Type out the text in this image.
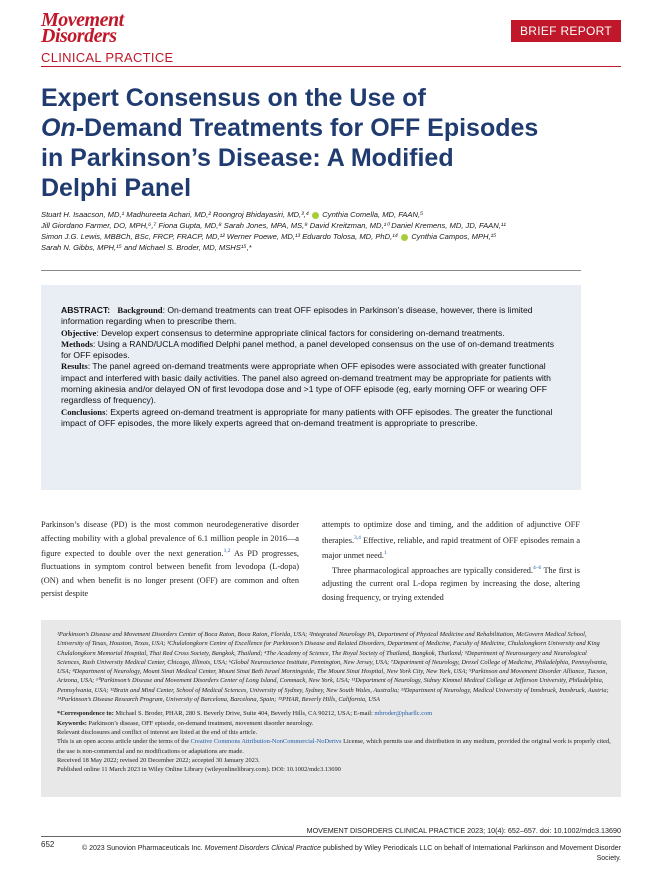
Movement
Disorders
CLINICAL PRACTICE
BRIEF REPORT
Expert Consensus on the Use of
On-Demand Treatments for OFF Episodes
in Parkinson’s Disease: A Modified
Delphi Panel
Stuart H. Isaacson, MD,¹ Madhureeta Achari, MD,² Roongroj Bhidayasiri, MD,³,⁴ Cynthia Comella, MD, FAAN,⁵
Jill Giordano Farmer, DO, MPH,⁶,⁷ Fiona Gupta, MD,⁸ Sarah Jones, MPA, MS,⁹ David Kreitzman, MD,¹⁰ Daniel Kremens, MD, JD, FAAN,¹¹
Simon J.G. Lewis, MBBCh, BSc, FRCP, FRACP, MD,¹² Werner Poewe, MD,¹³ Eduardo Tolosa, MD, PhD,¹⁴ Cynthia Campos, MPH,¹⁵
Sarah N. Gibbs, MPH,¹⁵ and Michael S. Broder, MD, MSHS¹⁵,*

ABSTRACT: Background: On-demand treatments can treat OFF episodes in Parkinson’s disease, however, there is limited information regarding when to prescribe them.

Objective: Develop expert consensus to determine appropriate clinical factors for considering on-demand treatments.

Methods: Using a RAND/UCLA modified Delphi panel method, a panel developed consensus on the use of on-demand treatments for OFF episodes.

Results: The panel agreed on-demand treatments were appropriate when OFF episodes were associated with greater functional impact and interfered with basic daily activities. The panel also agreed on-demand treatment may be appropriate for patients with morning akinesia and/or delayed ON of first levodopa dose and >1 type of OFF episode (eg, early morning OFF or wearing OFF regardless of frequency).

Conclusions: Experts agreed on-demand treatment is appropriate for many patients with OFF episodes. The greater the functional impact of OFF episodes, the more likely experts agreed that on-demand treatment is appropriate to prescribe.

Parkinson’s disease (PD) is the most common neurodegenerative disorder affecting mobility with a global prevalence of 6.1 million people in 2016—a figure expected to double over the next generation.$^{1,2}$ As PD progresses, fluctuations in symptom control between benefit from levodopa (L-dopa) (ON) and when benefit is no longer present (OFF) are common and often persist despite

attempts to optimize dose and timing, and the addition of adjunctive OFF therapies.$^{3,4}$ Effective, reliable, and rapid treatment of OFF episodes remain a major unmet need.$^1$

Three pharmacological approaches are typically considered.$^{4-6}$ The first is adjusting the current oral L-dopa regimen by increasing the dose, altering dosing frequency, or trying extended

¹Parkinson’s Disease and Movement Disorders Center of Boca Raton, Boca Raton, Florida, USA; ²Integrated Neurology PA, Department of Physical Medicine and Rehabilitation, McGovern Medical School, University of Texas, Houston, Texas, USA; ³Chulalongkorn Centre of Excellence for Parkinson’s Disease and Related Disorders, Department of Medicine, Faculty of Medicine, Chulalongkorn University and King Chulalongkorn Memorial Hospital, Thai Red Cross Society, Bangkok, Thailand; ⁴The Academy of Science, The Royal Society of Thailand, Bangkok, Thailand; ⁵Department of Neurosurgery and Neurological Sciences, Rush University Medical Center, Chicago, Illinois, USA; ⁶Global Neuroscience Institute, Pennington, New Jersey, USA; ⁷Department of Neurology, Drexel College of Medicine, Philadelphia, Pennsylvania, USA; ⁸Department of Neurology, Mount Sinai Medical Center, Mount Sinai Beth Israel Morningside, The Mount Sinai Hospital, New York City, New York, USA; ⁹Parkinson and Movement Disorder Alliance, Tucson, Arizona, USA; ¹⁰Parkinson’s Disease and Movement Disorders Center of Long Island, Commack, New York, USA; ¹¹Department of Neurology, Sidney Kimmel Medical College at Jefferson University, Philadelphia, Pennsylvania, USA; ¹²Brain and Mind Center, School of Medical Sciences, University of Sydney, Sydney, New South Wales, Australia; ¹³Department of Neurology, Medical University of Innsbruck, Innsbruck, Austria; ¹⁴Parkinson’s Disease Research Program, University of Barcelona, Barcelona, Spain; ¹⁵PHAR, Beverly Hills, California, USA

*Correspondence to: Michael S. Broder, PHAR, 280 S. Beverly Drive, Suite 404, Beverly Hills, CA 90212, USA; E-mail: mbroder@pharllc.com

Keywords: Parkinson’s disease, OFF episode, on-demand treatment, movement disorder neurology.

Relevant disclosures and conflict of interest are listed at the end of this article.

This is an open access article under the terms of the Creative Commons Attribution-NonCommercial-NoDerivs License, which permits use and distribution in any medium, provided the original work is properly cited, the use is non-commercial and no modifications or adaptations are made.

Received 18 May 2022; revised 20 December 2022; accepted 30 January 2023.

Published online 11 March 2023 in Wiley Online Library (wileyonlinelibrary.com). DOI: 10.1002/mdc3.13690

MOVEMENT DISORDERS CLINICAL PRACTICE 2023; 10(4): 652–657. doi: 10.1002/mdc3.13690
652	© 2023 Sunovion Pharmaceuticals Inc. Movement Disorders Clinical Practice published by Wiley Periodicals LLC on behalf of International Parkinson and Movement Disorder Society.
